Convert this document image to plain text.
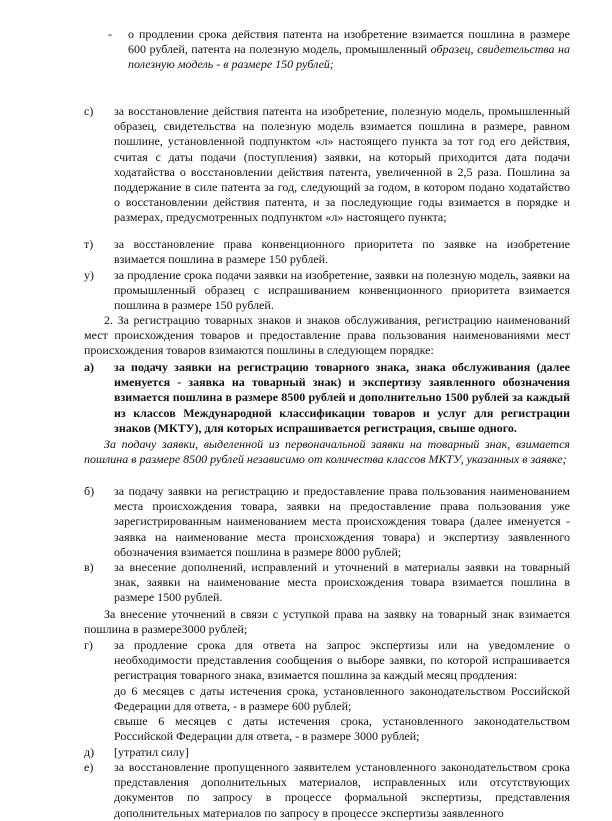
-	о продлении срока действия патента на изобретение взимается пошлина в размере 600 рублей, патента на полезную модель, промышленный образец, свидетельства на полезную модель - в размере 150 рублей;
с)	за восстановление действия патента на изобретение, полезную модель, промышленный образец, свидетельства на полезную модель взимается пошлина в размере, равном пошлине, установленной подпунктом «л» настоящего пункта за тот год его действия, считая с даты подачи (поступления) заявки, на который приходится дата подачи ходатайства о восстановлении действия патента, увеличенной в 2,5 раза. Пошлина за поддержание в силе патента за год, следующий за годом, в котором подано ходатайство о восстановлении действия патента, и за последующие годы взимается в порядке и размерах, предусмотренных подпунктом «л» настоящего пункта;
т)	за восстановление права конвенционного приоритета по заявке на изобретение взимается пошлина в размере 150 рублей.
у)	за продление срока подачи заявки на изобретение, заявки на полезную модель, заявки на промышленный образец с испрашиванием конвенционного приоритета взимается пошлина в размере 150 рублей.
2. За регистрацию товарных знаков и знаков обслуживания, регистрацию наименований мест происхождения товаров и предоставление права пользования наименованиями мест происхождения товаров взимаются пошлины в следующем порядке:
а)	за подачу заявки на регистрацию товарного знака, знака обслуживания (далее именуется - заявка на товарный знак) и экспертизу заявленного обозначения взимается пошлина в размере 8500 рублей и дополнительно 1500 рублей за каждый из классов Международной классификации товаров и услуг для регистрации знаков (МКТУ), для которых испрашивается регистрация, свыше одного.
За подачу заявки, выделенной из первоначальной заявки на товарный знак, взимается пошлина в размере 8500 рублей независимо от количества классов МКТУ, указанных в заявке;
б)	за подачу заявки на регистрацию и предоставление права пользования наименованием места происхождения товара, заявки на предоставление права пользования уже зарегистрированным наименованием места происхождения товара (далее именуется - заявка на наименование места происхождения товара) и экспертизу заявленного обозначения взимается пошлина в размере 8000 рублей;
в)	за внесение дополнений, исправлений и уточнений в материалы заявки на товарный знак, заявки на наименование места происхождения товара взимается пошлина в размере 1500 рублей.
За внесение уточнений в связи с уступкой права на заявку на товарный знак взимается пошлина в размере3000 рублей;
г)	за продление срока для ответа на запрос экспертизы или на уведомление о необходимости представления сообщения о выборе заявки, по которой испрашивается регистрация товарного знака, взимается пошлина за каждый месяц продления:
до 6 месяцев с даты истечения срока, установленного законодательством Российской Федерации для ответа, - в размере 600 рублей;
свыше 6 месяцев с даты истечения срока, установленного законодательством Российской Федерации для ответа, - в размере 3000 рублей;
д)	[утратил силу]
е)	за восстановление пропущенного заявителем установленного законодательством срока представления дополнительных материалов, исправленных или отсутствующих документов по запросу в процессе формальной экспертизы, представления дополнительных материалов по запросу в процессе экспертизы заявленного
